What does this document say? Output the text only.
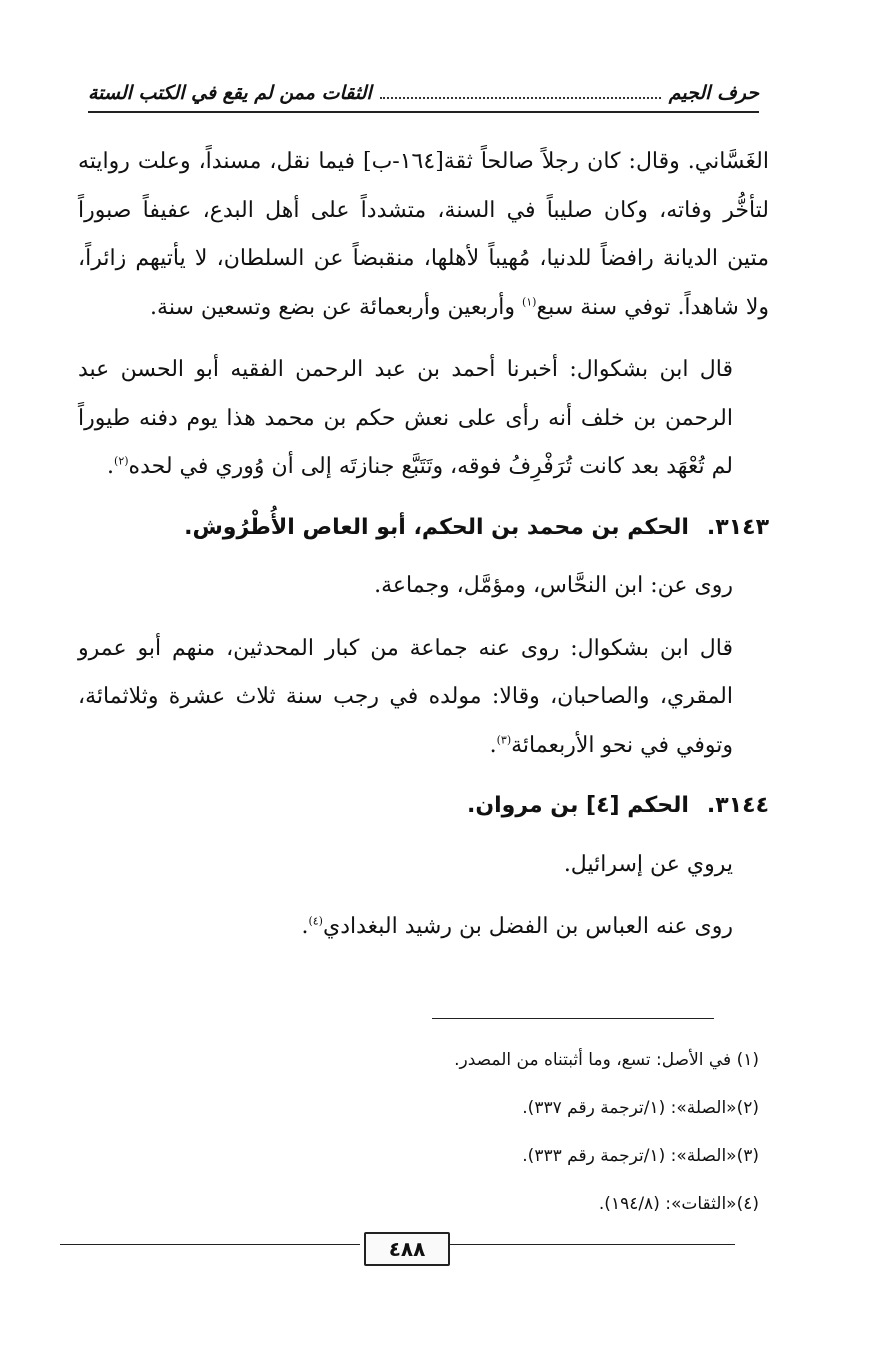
حرف الجيم
الثقات ممن لم يقع في الكتب الستة

الغَسَّاني. وقال: كان رجلاً صالحاً ثقة[١٦٤-ب] فيما نقل، مسنداً، وعلت روايته لتأخُّر وفاته، وكان صليباً في السنة، متشدداً على أهل البدع، عفيفاً صبوراً متين الديانة رافضاً للدنيا، مُهيباً لأهلها، منقبضاً عن السلطان، لا يأتيهم زائراً، ولا شاهداً. توفي سنة سبع$^{(١)}$ وأربعين وأربعمائة عن بضع وتسعين سنة.

قال ابن بشكوال: أخبرنا أحمد بن عبد الرحمن الفقيه أبو الحسن عبد الرحمن بن خلف أنه رأى على نعش حكم بن محمد هذا يوم دفنه طيوراً لم تُعْهَد بعد كانت تُرَفْرِفُ فوقه، وتَتَبَّع جنازتَه إلى أن وُوري في لحده$^{(٢)}$.

٣١٤٣.الحكم بن محمد بن الحكم، أبو العاص الأُطْرُوش.

روى عن: ابن النحَّاس، ومؤمَّل، وجماعة.

قال ابن بشكوال: روى عنه جماعة من كبار المحدثين، منهم أبو عمرو المقري، والصاحبان، وقالا: مولده في رجب سنة ثلاث عشرة وثلاثمائة، وتوفي في نحو الأربعمائة$^{(٣)}$.

٣١٤٤.الحكم [٤] بن مروان.

يروي عن إسرائيل.

روى عنه العباس بن الفضل بن رشيد البغدادي$^{(٤)}$.

(١) في الأصل: تسع، وما أثبتناه من المصدر.

(٢)«الصلة»: (١/ترجمة رقم ٣٣٧).

(٣)«الصلة»: (١/ترجمة رقم ٣٣٣).

(٤)«الثقات»: (١٩٤/٨).

٤٨٨
